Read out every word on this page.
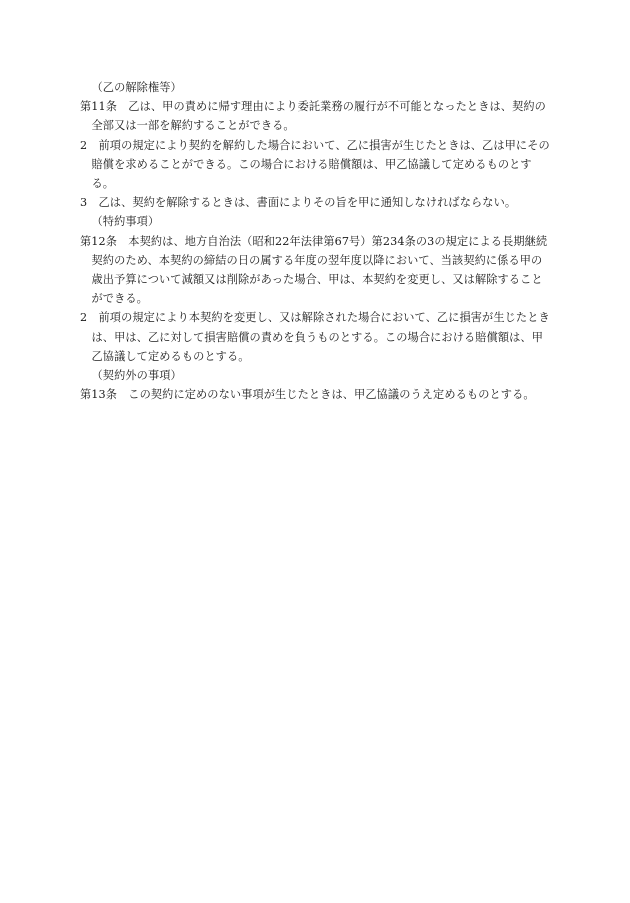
（乙の解除権等）
第11条　乙は、甲の責めに帰す理由により委託業務の履行が不可能となったときは、契約の全部又は一部を解約することができる。
2　前項の規定により契約を解約した場合において、乙に損害が生じたときは、乙は甲にその賠償を求めることができる。この場合における賠償額は、甲乙協議して定めるものとする。
3　乙は、契約を解除するときは、書面によりその旨を甲に通知しなければならない。
（特約事項）
第12条　本契約は、地方自治法（昭和22年法律第67号）第234条の3の規定による長期継続契約のため、本契約の締結の日の属する年度の翌年度以降において、当該契約に係る甲の歳出予算について減額又は削除があった場合、甲は、本契約を変更し、又は解除することができる。
2　前項の規定により本契約を変更し、又は解除された場合において、乙に損害が生じたときは、甲は、乙に対して損害賠償の責めを負うものとする。この場合における賠償額は、甲乙協議して定めるものとする。
（契約外の事項）
第13条　この契約に定めのない事項が生じたときは、甲乙協議のうえ定めるものとする。
